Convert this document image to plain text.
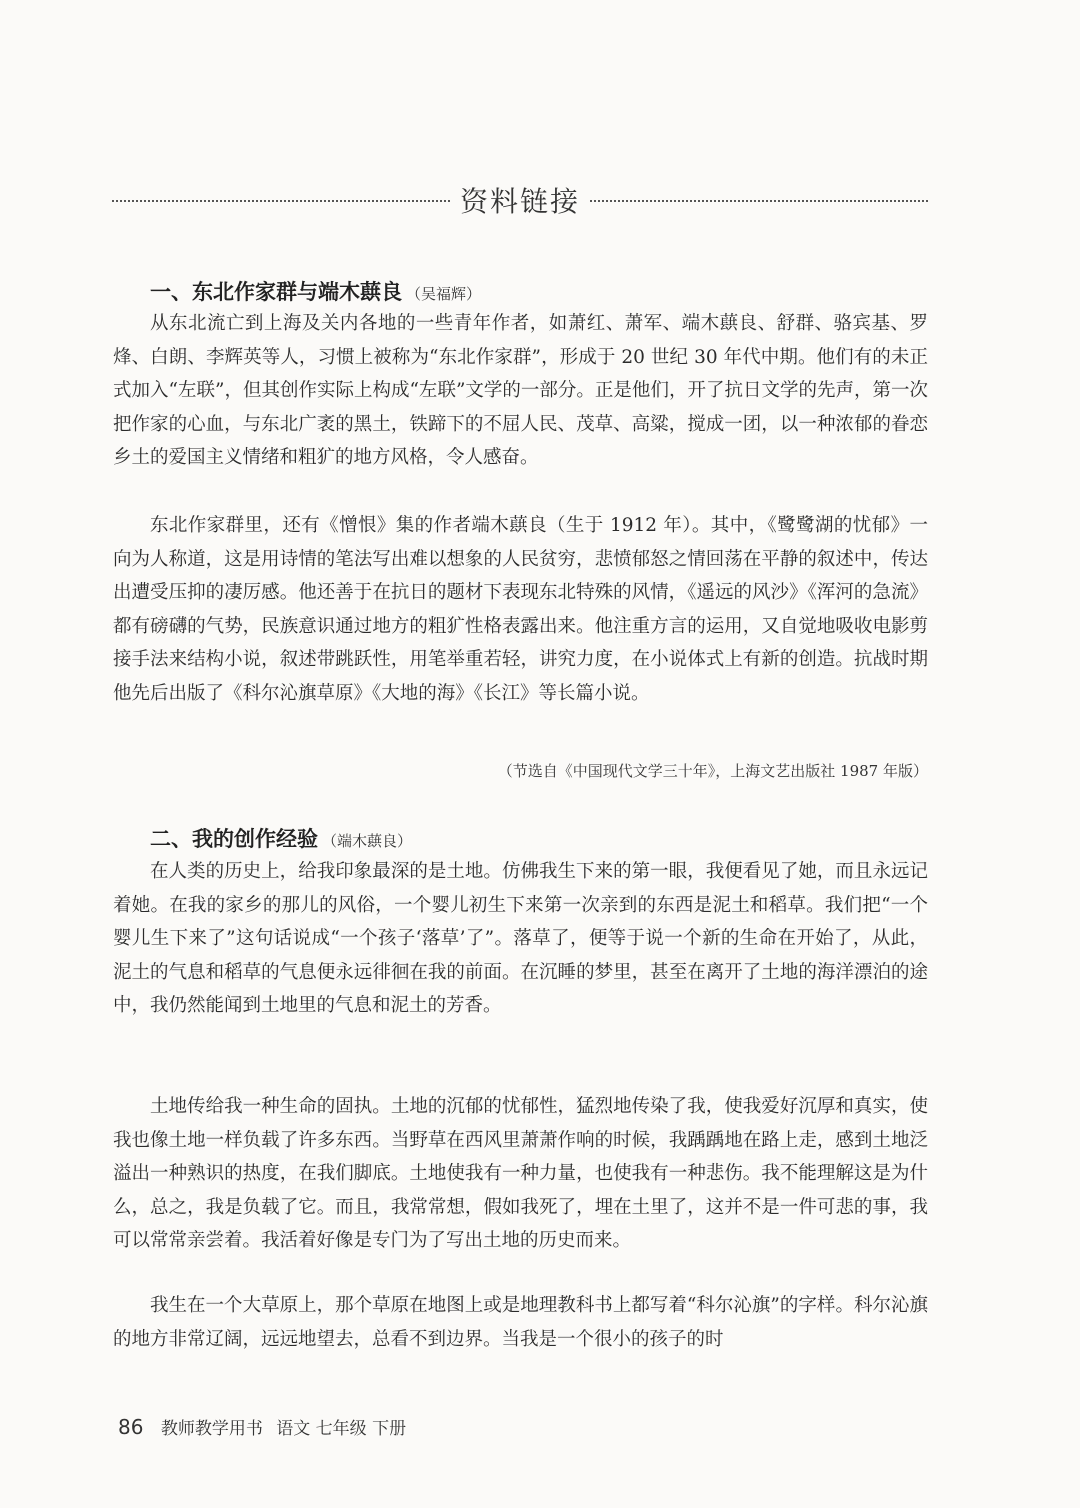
资料链接
一、东北作家群与端木蕻良 （吴福辉）

从东北流亡到上海及关内各地的一些青年作者，如萧红、萧军、端木蕻良、舒群、骆宾基、罗烽、白朗、李辉英等人，习惯上被称为“东北作家群”，形成于 20 世纪 30 年代中期。他们有的未正式加入“左联”，但其创作实际上构成“左联”文学的一部分。正是他们，开了抗日文学的先声，第一次把作家的心血，与东北广袤的黑土，铁蹄下的不屈人民、茂草、高粱，搅成一团，以一种浓郁的眷恋乡土的爱国主义情绪和粗犷的地方风格，令人感奋。

东北作家群里，还有《憎恨》集的作者端木蕻良（生于 1912 年）。其中，《鹭鹭湖的忧郁》一向为人称道，这是用诗情的笔法写出难以想象的人民贫穷，悲愤郁怒之情回荡在平静的叙述中，传达出遭受压抑的凄厉感。他还善于在抗日的题材下表现东北特殊的风情，《遥远的风沙》《浑河的急流》都有磅礴的气势，民族意识通过地方的粗犷性格表露出来。他注重方言的运用，又自觉地吸收电影剪接手法来结构小说，叙述带跳跃性，用笔举重若轻，讲究力度，在小说体式上有新的创造。抗战时期他先后出版了《科尔沁旗草原》《大地的海》《长江》等长篇小说。

（节选自《中国现代文学三十年》，上海文艺出版社 1987 年版）
二、我的创作经验 （端木蕻良）

在人类的历史上，给我印象最深的是土地。仿佛我生下来的第一眼，我便看见了她，而且永远记着她。在我的家乡的那儿的风俗，一个婴儿初生下来第一次亲到的东西是泥土和稻草。我们把“一个婴儿生下来了”这句话说成“一个孩子‘落草’了”。落草了，便等于说一个新的生命在开始了，从此，泥土的气息和稻草的气息便永远徘徊在我的前面。在沉睡的梦里，甚至在离开了土地的海洋漂泊的途中，我仍然能闻到土地里的气息和泥土的芳香。

土地传给我一种生命的固执。土地的沉郁的忧郁性，猛烈地传染了我，使我爱好沉厚和真实，使我也像土地一样负载了许多东西。当野草在西风里萧萧作响的时候，我踽踽地在路上走，感到土地泛溢出一种熟识的热度，在我们脚底。土地使我有一种力量，也使我有一种悲伤。我不能理解这是为什么，总之，我是负载了它。而且，我常常想，假如我死了，埋在土里了，这并不是一件可悲的事，我可以常常亲尝着。我活着好像是专门为了写出土地的历史而来。

我生在一个大草原上，那个草原在地图上或是地理教科书上都写着“科尔沁旗”的字样。科尔沁旗的地方非常辽阔，远远地望去，总看不到边界。当我是一个很小的孩子的时

86 教师教学用书 语文 七年级 下册
